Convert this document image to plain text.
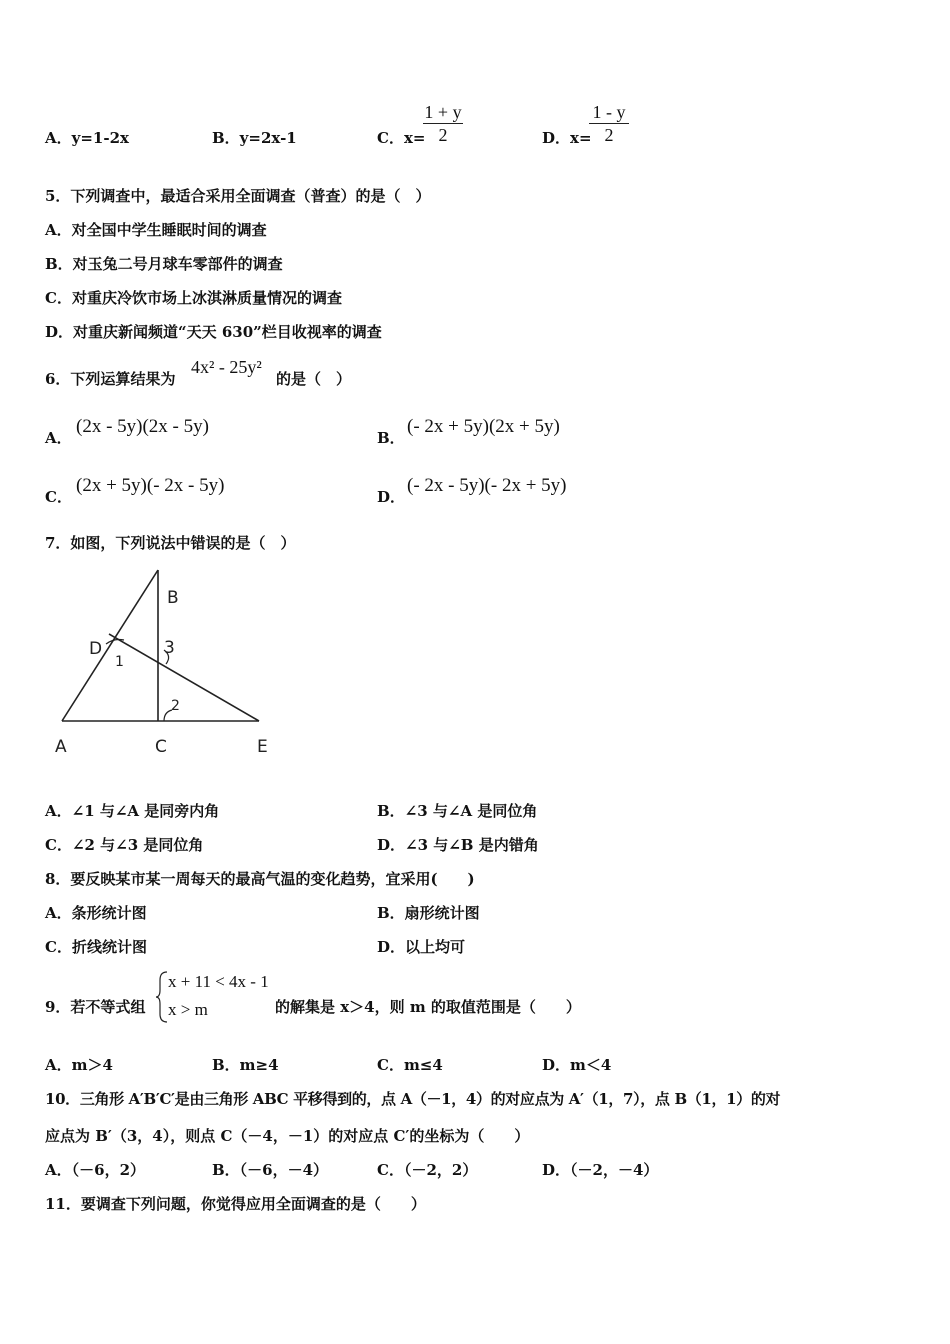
A．y=1-2x	B．y=2x-1	C．x=
$\frac{1 + y}{2}$	D．x=
$\frac{1 - y}{2}$
5．下列调查中，最适合采用全面调查（普查）的是（　）
A．对全国中学生睡眠时间的调查
B．对玉兔二号月球车零部件的调查
C．对重庆冷饮市场上冰淇淋质量情况的调查
D．对重庆新闻频道“天天 630”栏目收视率的调查
6．下列运算结果为
4x² - 25y²
的是（　）
A．
(2x - 5y)(2x - 5y)
B．
(- 2x + 5y)(2x + 5y)
C．
(2x + 5y)(- 2x - 5y)
D．
(- 2x - 5y)(- 2x + 5y)
7．如图，下列说法中错误的是（　）
B
D
1
3
2
A	C	E
A．∠1 与∠A 是同旁内角	B．∠3 与∠A 是同位角
C．∠2 与∠3 是同位角	D．∠3 与∠B 是内错角
8．要反映某市某一周每天的最高气温的变化趋势，宜采用(　　)
A．条形统计图	B．扇形统计图
C．折线统计图	D．以上均可
9．若不等式组
x + 11 < 4x - 1
x > m	的解集是 x＞4，则 m 的取值范围是（　　）
A．m＞4	B．m≥4	C．m≤4	D．m＜4
10．三角形 A′B′C′是由三角形 ABC 平移得到的，点 A（－1，4）的对应点为 A′（1，7），点 B（1，1）的对
应点为 B′（3，4），则点 C（－4，－1）的对应点 C′的坐标为（　　）
A．（－6，2）	B．（－6，－4）	C．（－2，2）	D．（－2，－4）
11．要调查下列问题，你觉得应用全面调查的是（　　）
